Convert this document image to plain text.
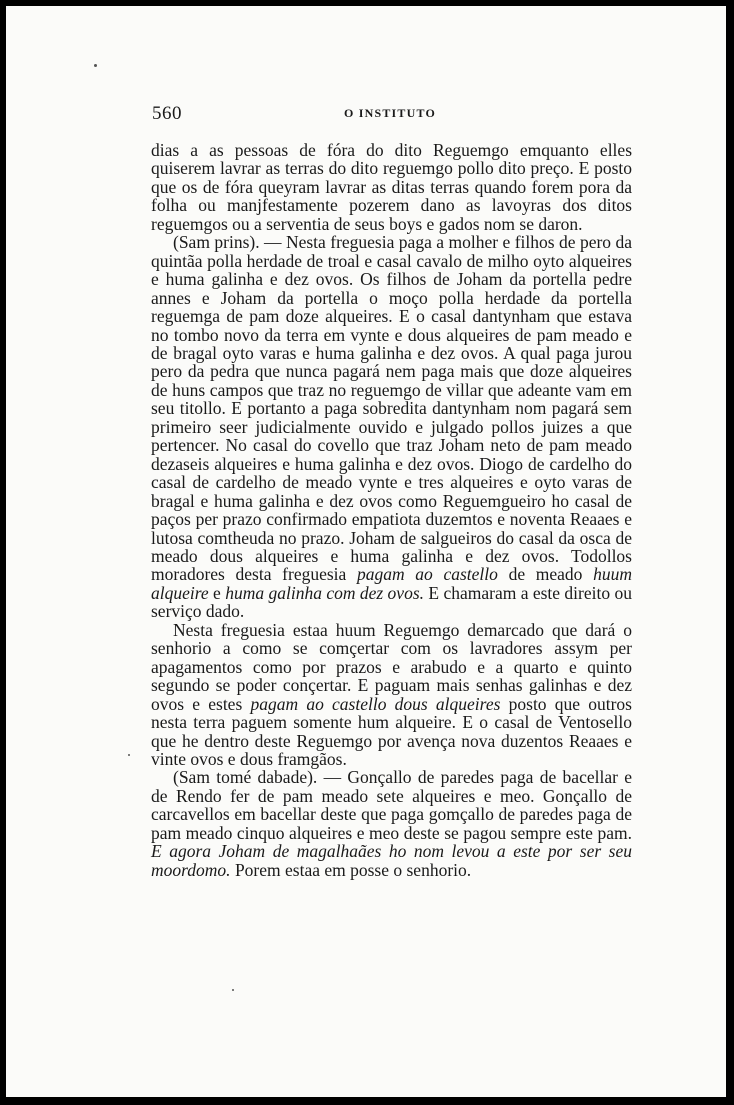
560	O INSTITUTO

dias a as pessoas de fóra do dito Reguemgo emquanto elles quiserem lavrar as terras do dito reguemgo pollo dito preço. E posto que os de fóra queyram lavrar as ditas terras quando forem pora da folha ou manjfestamente pozerem dano as lavoyras dos ditos reguemgos ou a serventia de seus boys e gados nom se daron.

(Sam prins). — Nesta freguesia paga a molher e filhos de pero da quintãa polla herdade de troal e casal cavalo de milho oyto alqueires e huma galinha e dez ovos. Os filhos de Joham da portella pedre annes e Joham da portella o moço polla herdade da portella reguemga de pam doze alqueires. E o casal dantynham que estava no tombo novo da terra em vynte e dous alqueires de pam meado e de bragal oyto varas e huma galinha e dez ovos. A qual paga jurou pero da pedra que nunca pagará nem paga mais que doze alqueires de huns campos que traz no reguemgo de villar que adeante vam em seu titollo. E portanto a paga sobredita dantynham nom pagará sem primeiro seer judicialmente ouvido e julgado pollos juizes a que pertencer. No casal do covello que traz Joham neto de pam meado dezaseis alqueires e huma galinha e dez ovos. Diogo de cardelho do casal de cardelho de meado vynte e tres alqueires e oyto varas de bragal e huma galinha e dez ovos como Reguemgueiro ho casal de paços per prazo confirmado empatiota duzemtos e noventa Reaaes e lutosa comtheuda no prazo. Joham de salgueiros do casal da osca de meado dous alqueires e huma galinha e dez ovos. Todollos moradores desta freguesia pagam ao castello de meado huum alqueire e huma galinha com dez ovos. E chamaram a este direito ou serviço dado.

Nesta freguesia estaa huum Reguemgo demarcado que dará o senhorio a como se comçertar com os lavradores assym per apagamentos como por prazos e arabudo e a quarto e quinto segundo se poder conçertar. E paguam mais senhas galinhas e dez ovos e estes pagam ao castello dous alqueires posto que outros nesta terra paguem somente hum alqueire. E o casal de Ventosello que he dentro deste Reguemgo por avença nova duzentos Reaaes e vinte ovos e dous framgãos.

(Sam tomé dabade). — Gonçallo de paredes paga de bacellar e de Rendo fer de pam meado sete alqueires e meo. Gonçallo de carcavellos em bacellar deste que paga gomçallo de paredes paga de pam meado cinquo alqueires e meo deste se pagou sempre este pam. E agora Joham de magalhaães ho nom levou a este por ser seu moordomo. Porem estaa em posse o senhorio.
